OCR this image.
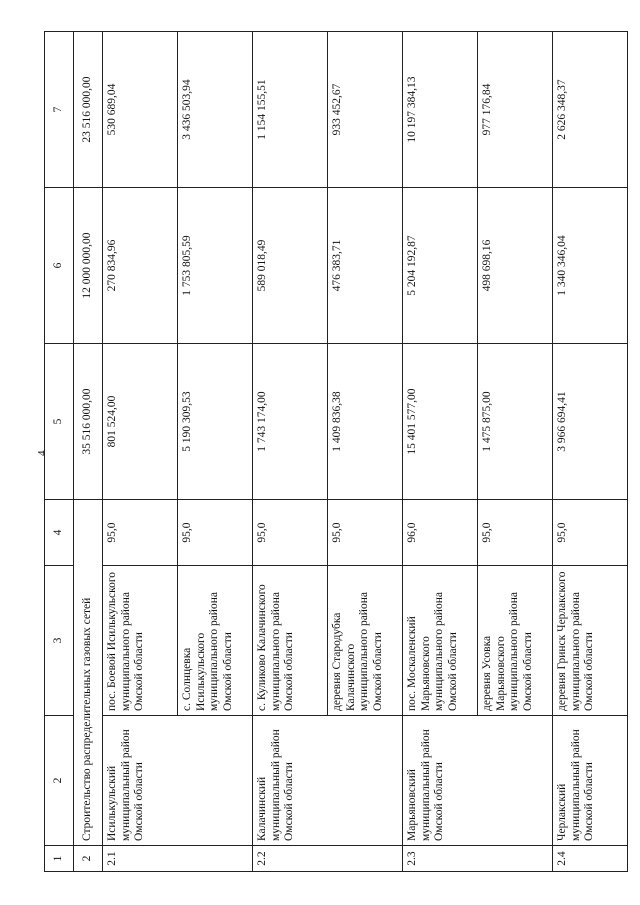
4
1	2	3	4	5	6	7
2	Строительство распределительных газовых сетей			35 516 000,00	12 000 000,00	23 516 000,00
2.1	Исилькульский муниципальный район Омской области	пос. Боевой Исилькульского муниципального района Омской области	95,0	801 524,00	270 834,96	530 689,04
		с. Солнцевка Исилькульского муниципального района Омской области	95,0	5 190 309,53	1 753 805,59	3 436 503,94
2.2	Калачинский муниципальный район Омской области	с. Куликово Калачинского муниципального района Омской области	95,0	1 743 174,00	589 018,49	1 154 155,51
		деревня Стародубка Калачинского муниципального района Омской области	95,0	1 409 836,38	476 383,71	933 452,67
2.3	Марьяновский муниципальный район Омской области	пос. Москаленский Марьяновского муниципального района Омской области	96,0	15 401 577,00	5 204 192,87	10 197 384,13
		деревня Усовка Марьяновского муниципального района Омской области	95,0	1 475 875,00	498 698,16	977 176,84
2.4	Черлакский муниципальный район Омской области	деревня Гринск Черлакского муниципального района Омской области	95,0	3 966 694,41	1 340 346,04	2 626 348,37
